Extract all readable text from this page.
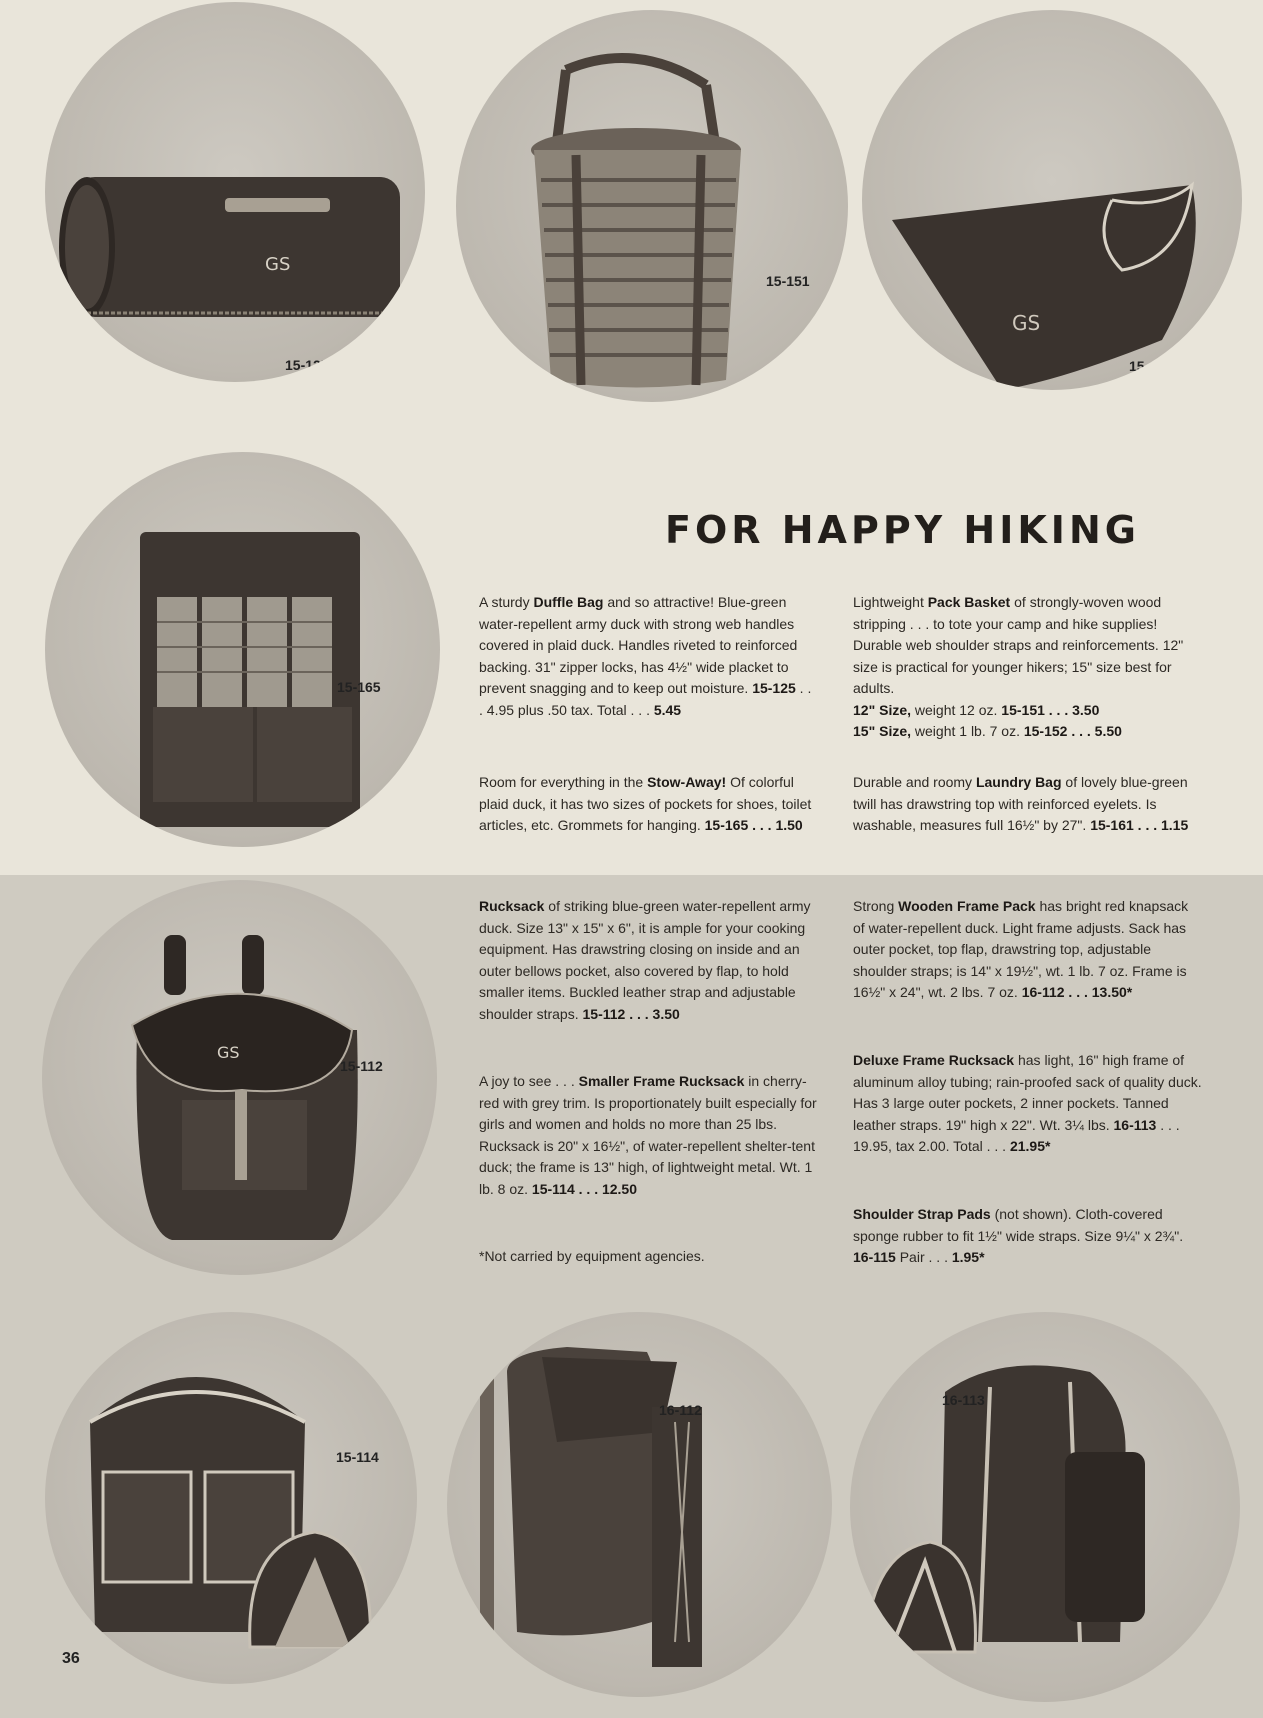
GS
15-125
15-151
GS
15-161
15-165
GS
15-112
15-114
16-112
16-113
FOR HAPPY HIKING
A sturdy Duffle Bag and so attractive! Blue-green water-repellent army duck with strong web handles covered in plaid duck. Handles riveted to reinforced backing. 31" zipper locks, has 4½" wide placket to prevent snagging and to keep out moisture. 15-125 . . . 4.95 plus .50 tax. Total . . . 5.45
Lightweight Pack Basket of strongly-woven wood stripping . . . to tote your camp and hike supplies! Durable web shoulder straps and reinforcements. 12" size is practical for younger hikers; 15" size best for adults.
12" Size, weight 12 oz. 15-151 . . . 3.50
15" Size, weight 1 lb. 7 oz. 15-152 . . . 5.50
Room for everything in the Stow-Away! Of colorful plaid duck, it has two sizes of pockets for shoes, toilet articles, etc. Grommets for hanging. 15-165 . . . 1.50
Durable and roomy Laundry Bag of lovely blue-green twill has drawstring top with reinforced eyelets. Is washable, measures full 16½" by 27". 15-161 . . . 1.15
Rucksack of striking blue-green water-repellent army duck. Size 13" x 15" x 6", it is ample for your cooking equipment. Has drawstring closing on inside and an outer bellows pocket, also covered by flap, to hold smaller items. Buckled leather strap and adjustable shoulder straps. 15-112 . . . 3.50
A joy to see . . . Smaller Frame Rucksack in cherry-red with grey trim. Is proportionately built especially for girls and women and holds no more than 25 lbs. Rucksack is 20" x 16½", of water-repellent shelter-tent duck; the frame is 13" high, of lightweight metal. Wt. 1 lb. 8 oz. 15-114 . . . 12.50
*Not carried by equipment agencies.
Strong Wooden Frame Pack has bright red knapsack of water-repellent duck. Light frame adjusts. Sack has outer pocket, top flap, drawstring top, adjustable shoulder straps; is 14" x 19½", wt. 1 lb. 7 oz. Frame is 16½" x 24", wt. 2 lbs. 7 oz. 16-112 . . . 13.50*
Deluxe Frame Rucksack has light, 16" high frame of aluminum alloy tubing; rain-proofed sack of quality duck. Has 3 large outer pockets, 2 inner pockets. Tanned leather straps. 19" high x 22". Wt. 3¼ lbs. 16-113 . . . 19.95, tax 2.00. Total . . . 21.95*
Shoulder Strap Pads (not shown). Cloth-covered sponge rubber to fit 1½" wide straps. Size 9¼" x 2¾". 16-115 Pair . . . 1.95*
36
